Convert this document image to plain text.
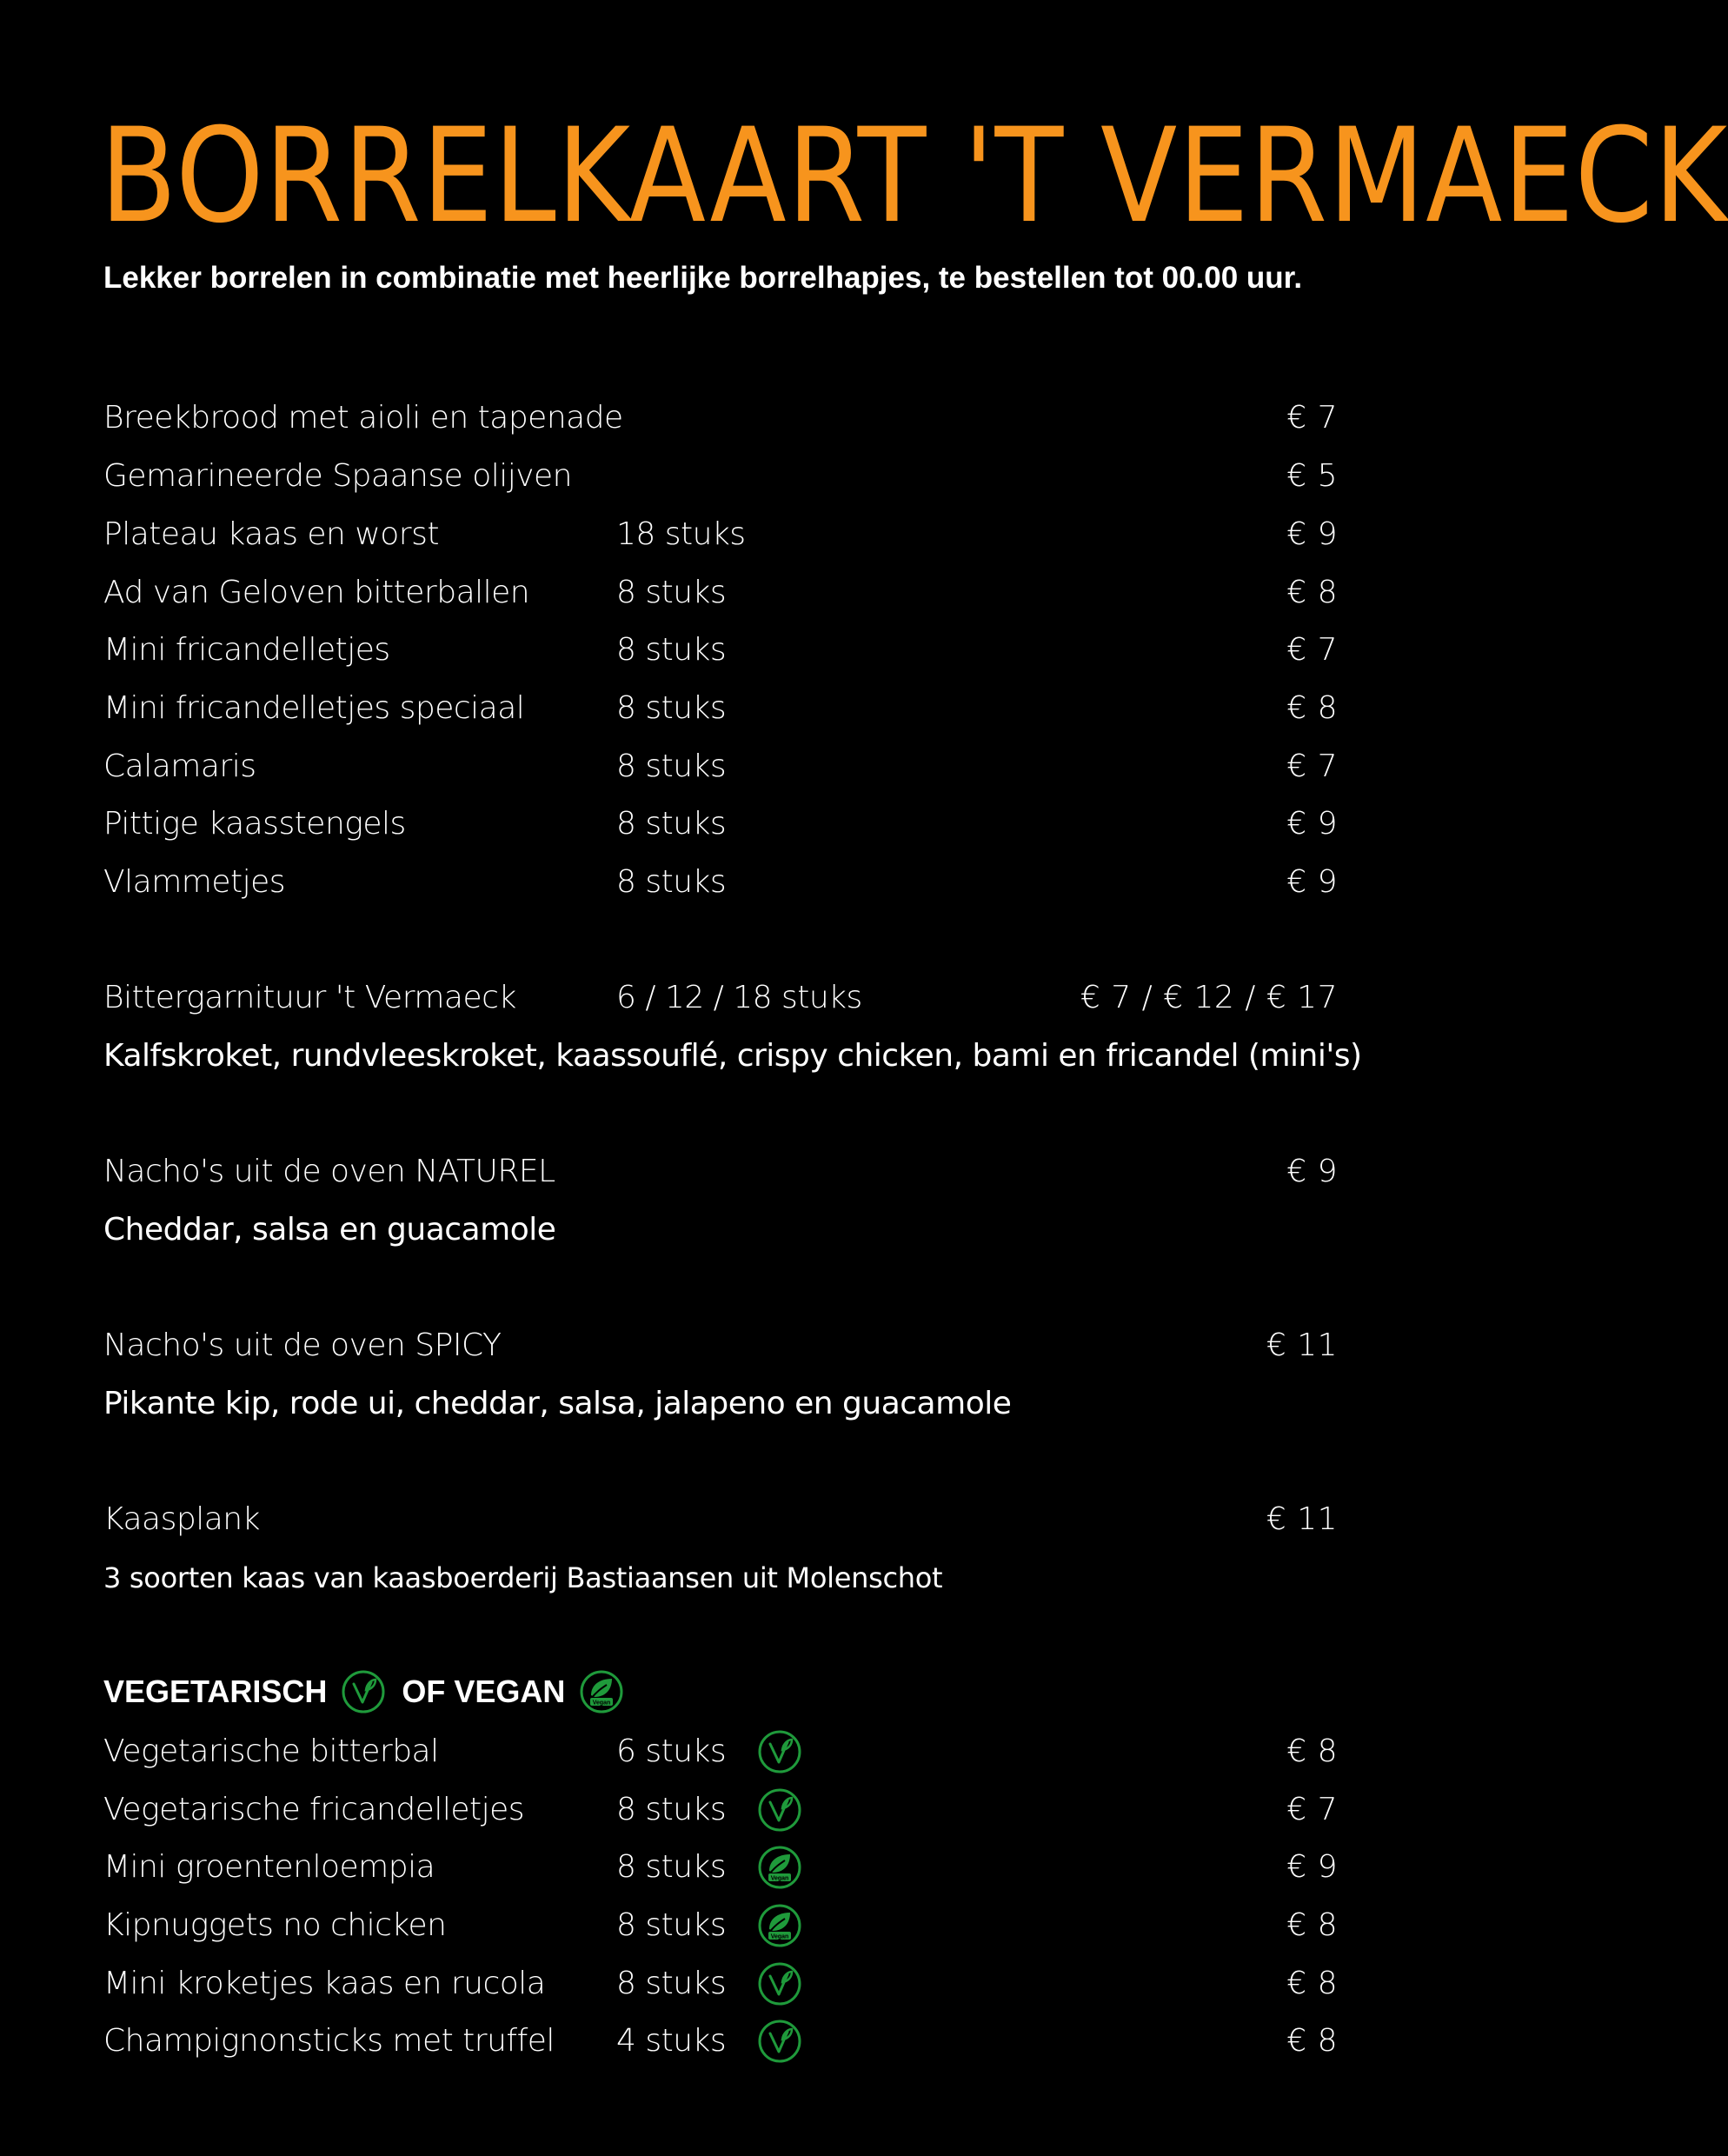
BORRELKAART 'T VERMAECK
Lekker borrelen in combinatie met heerlijke borrelhapjes, te bestellen tot 00.00 uur.
Breekbrood met aioli en tapenade	€ 7
Gemarineerde Spaanse olijven	€ 5
Plateau kaas en worst	18 stuks	€ 9
Ad van Geloven bitterballen	8 stuks	€ 8
Mini fricandelletjes	8 stuks	€ 7
Mini fricandelletjes speciaal	8 stuks	€ 8
Calamaris	8 stuks	€ 7
Pittige kaasstengels	8 stuks	€ 9
Vlammetjes	8 stuks	€ 9
Bittergarnituur 't Vermaeck	6 / 12 / 18 stuks	€ 7 / € 12 / € 17
Kalfskroket, rundvleeskroket, kaassouflé, crispy chicken, bami en fricandel (mini's)
Nacho's uit de oven NATUREL	€ 9
Cheddar, salsa en guacamole
Nacho's uit de oven SPICY	€ 11
Pikante kip, rode ui, cheddar, salsa, jalapeno en guacamole
Kaasplank	€ 11
3 soorten kaas van kaasboerderij Bastiaansen uit Molenschot
VEGETARISCH OF VEGAN	Vegan
Vegetarische bitterbal	6 stuks	€ 8
Vegetarische fricandelletjes	8 stuks	€ 7
Mini groentenloempia	8 stuks	Vegan	€ 9
Kipnuggets no chicken	8 stuks	Vegan	€ 8
Mini kroketjes kaas en rucola 8 stuks	€ 8
Champignonsticks met truffel 4 stuks	€ 8
